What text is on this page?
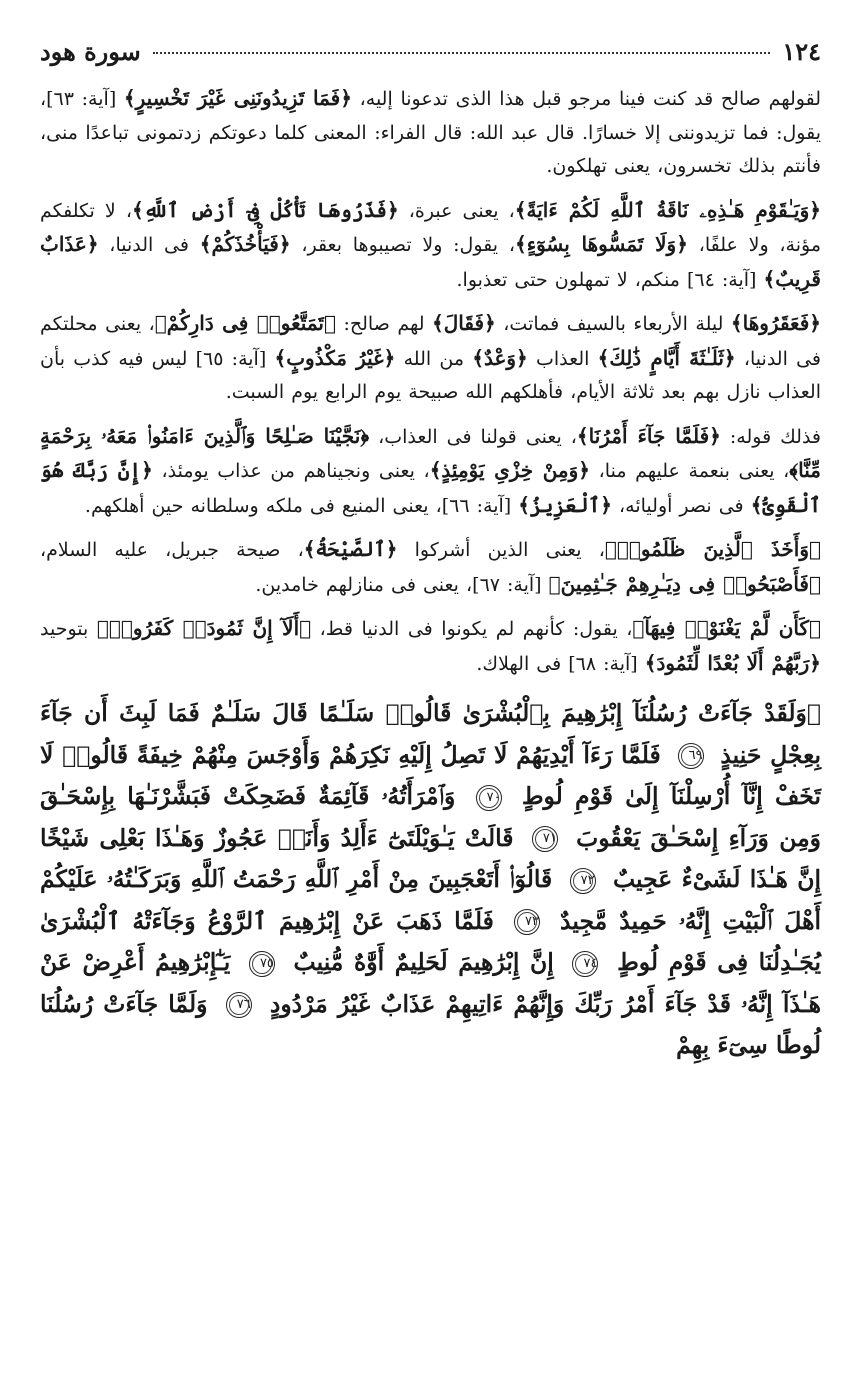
١٢٤
سورة هود

لقولهم صالح قد كنت فينا مرجو قبل هذا الذى تدعونا إليه، ﴿فَمَا تَزِيدُونَنِى غَيْرَ تَخْسِيرٍ﴾ [آية: ٦٣]، يقول: فما تزيدوننى إلا خسارًا. قال عبد الله: قال الفراء: المعنى كلما دعوتكم زدتمونى تباعدًا منى، فأنتم بذلك تخسرون، يعنى تهلكون.

﴿وَيَـٰقَوْمِ هَـٰذِهِۦ نَاقَةُ ٱللَّهِ لَكُمْ ءَايَةً﴾، يعنى عبرة، ﴿فَذَرُوهَا تَأْكُلْ فِىٓ أَرْضِ ٱللَّهِ﴾، لا تكلفكم مؤنة، ولا علفًا، ﴿وَلَا تَمَسُّوهَا بِسُوٓءٍ﴾، يقول: ولا تصيبوها بعقر، ﴿فَيَأْخُذَكُمْ﴾ فى الدنيا، ﴿عَذَابٌ قَرِيبٌ﴾ [آية: ٦٤] منكم، لا تمهلون حتى تعذبوا.

﴿فَعَقَرُوهَا﴾ ليلة الأربعاء بالسيف فماتت، ﴿فَقَالَ﴾ لهم صالح: ﴿تَمَتَّعُوا۟ فِى دَارِكُمْ﴾، يعنى محلتكم فى الدنيا، ﴿ثَلَـٰثَةَ أَيَّامٍ ذَٰلِكَ﴾ العذاب ﴿وَعْدٌ﴾ من الله ﴿غَيْرُ مَكْذُوبٍ﴾ [آية: ٦٥] ليس فيه كذب بأن العذاب نازل بهم بعد ثلاثة الأيام، فأهلكهم الله صبيحة يوم الرابع يوم السبت.

فذلك قوله: ﴿فَلَمَّا جَآءَ أَمْرُنَا﴾، يعنى قولنا فى العذاب، ﴿نَجَّيْنَا صَـٰلِحًا وَٱلَّذِينَ ءَامَنُوا۟ مَعَهُۥ بِرَحْمَةٍ مِّنَّا﴾، يعنى بنعمة عليهم منا، ﴿وَمِنْ خِزْىِ يَوْمِئِذٍ﴾، يعنى ونجيناهم من عذاب يومئذ، ﴿إِنَّ رَبَّكَ هُوَ ٱلْقَوِىُّ﴾ فى نصر أوليائه، ﴿ٱلْعَزِيزُ﴾ [آية: ٦٦]، يعنى المنيع فى ملكه وسلطانه حين أهلكهم.

﴿وَأَخَذَ ٱلَّذِينَ ظَلَمُوا۟﴾، يعنى الذين أشركوا ﴿ٱلصَّيْحَةُ﴾، صيحة جبريل، عليه السلام، ﴿فَأَصْبَحُوا۟ فِى دِيَـٰرِهِمْ جَـٰثِمِينَ﴾ [آية: ٦٧]، يعنى فى منازلهم خامدين.

﴿كَأَن لَّمْ يَغْنَوْا۟ فِيهَآ﴾، يقول: كأنهم لم يكونوا فى الدنيا قط، ﴿أَلَآ إِنَّ ثَمُودَا۟ كَفَرُوا۟﴾ بتوحيد ﴿رَبَّهُمْ أَلَا بُعْدًا لِّثَمُودَ﴾ [آية: ٦٨] فى الهلاك.

﴿وَلَقَدْ جَآءَتْ رُسُلُنَآ إِبْرَٰهِيمَ بِٱلْبُشْرَىٰ قَالُوا۟ سَلَـٰمًا قَالَ سَلَـٰمٌ فَمَا لَبِثَ أَن جَآءَ بِعِجْلٍ حَنِيذٍ ٦٩ فَلَمَّا رَءَآ أَيْدِيَهُمْ لَا تَصِلُ إِلَيْهِ نَكِرَهُمْ وَأَوْجَسَ مِنْهُمْ خِيفَةً قَالُوا۟ لَا تَخَفْ إِنَّآ أُرْسِلْنَآ إِلَىٰ قَوْمِ لُوطٍ ٧٠ وَٱمْرَأَتُهُۥ قَآئِمَةٌ فَضَحِكَتْ فَبَشَّرْنَـٰهَا بِإِسْحَـٰقَ وَمِن وَرَآءِ إِسْحَـٰقَ يَعْقُوبَ ٧١ قَالَتْ يَـٰوَيْلَتَىٰٓ ءَأَلِدُ وَأَنَا۠ عَجُوزٌ وَهَـٰذَا بَعْلِى شَيْخًا إِنَّ هَـٰذَا لَشَىْءٌ عَجِيبٌ ٧٢ قَالُوٓا۟ أَتَعْجَبِينَ مِنْ أَمْرِ ٱللَّهِ رَحْمَتُ ٱللَّهِ وَبَرَكَـٰتُهُۥ عَلَيْكُمْ أَهْلَ ٱلْبَيْتِ إِنَّهُۥ حَمِيدٌ مَّجِيدٌ ٧٣ فَلَمَّا ذَهَبَ عَنْ إِبْرَٰهِيمَ ٱلرَّوْعُ وَجَآءَتْهُ ٱلْبُشْرَىٰ يُجَـٰدِلُنَا فِى قَوْمِ لُوطٍ ٧٤ إِنَّ إِبْرَٰهِيمَ لَحَلِيمٌ أَوَّٰهٌ مُّنِيبٌ ٧٥ يَـٰٓإِبْرَٰهِيمُ أَعْرِضْ عَنْ هَـٰذَآ إِنَّهُۥ قَدْ جَآءَ أَمْرُ رَبِّكَ وَإِنَّهُمْ ءَاتِيهِمْ عَذَابٌ غَيْرُ مَرْدُودٍ ٧٦ وَلَمَّا جَآءَتْ رُسُلُنَا لُوطًا سِىٓءَ بِهِمْ
